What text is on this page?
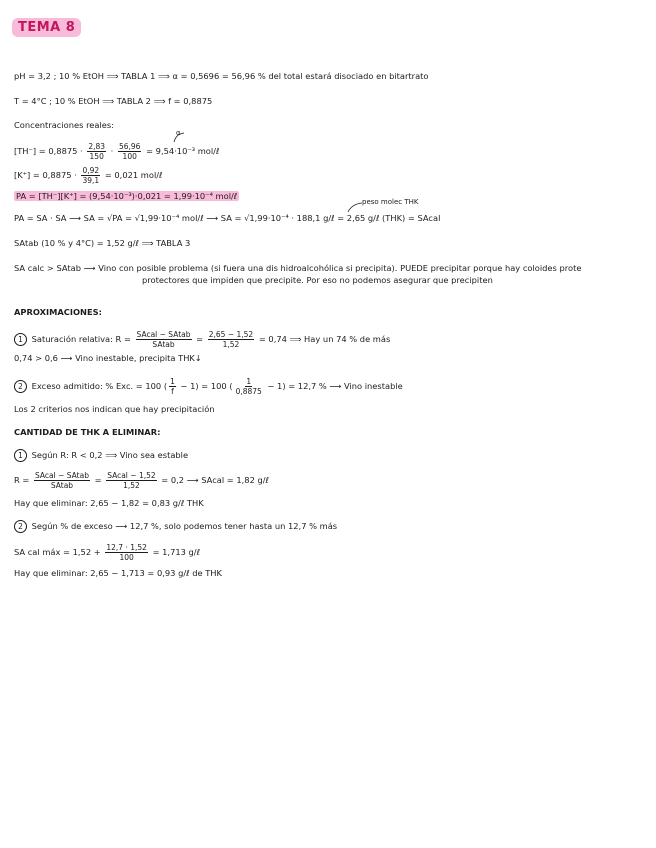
TEMA 8
pH = 3,2 ; 10 % EtOH ⟹ TABLA 1 ⟹ α = 0,5696 = 56,96 % del total estará disociado en bitartrato
T = 4°C ; 10 % EtOH ⟹ TABLA 2 ⟹ f = 0,8875
Concentraciones reales:
α
$[TH^-] = 0,8875 \cdot \frac{2,83}{150} \cdot \frac{56,96}{100} = 9,54\cdot 10^{-3}$ mol/ℓ
$[K^+] = 0,8875 \cdot \frac{0,92}{39,1} = 0,021$ mol/ℓ
PA = [TH⁻][K⁺] = (9,54·10⁻³)·0,021 = 1,99·10⁻⁴ mol/ℓ
peso molec THK
PA = SA · SA ⟶ SA = √PA = √1,99·10⁻⁴ mol/ℓ ⟶ SA = √1,99·10⁻⁴ · 188,1 g/ℓ = 2,65 g/ℓ (THK) = SAcal
SAtab (10 % y 4°C) = 1,52 g/ℓ ⟹ TABLA 3
SA calc > SAtab ⟶ Vino con posible problema (si fuera una dis hidroalcohólica si precipita). PUEDE precipitar porque hay coloides prote
protectores que impiden que precipite. Por eso no podemos asegurar que precipiten
APROXIMACIONES:
1 Saturación relativa: $R = \frac{\text{SAcal − SAtab}}{\text{SAtab}} = \frac{2,65 - 1,52}{1,52} = 0,74$ ⟹ Hay un 74 % de más
0,74 > 0,6 ⟶ Vino inestable, precipita THK↓
2 Exceso admitido: % Exc. = 100 ( $\frac{1}{f} - 1) = 100$ ( $\frac{1}{0,8875} - 1) = 12,7$ % ⟶ Vino inestable
Los 2 criterios nos indican que hay precipitación
CANTIDAD DE THK A ELIMINAR:
1 Según R: R < 0,2 ⟹ Vino sea estable
$R = \frac{\text{SAcal − SAtab}}{\text{SAtab}} = \frac{\text{SAcal − 1,52}}{1,52} = 0,2$ ⟶ SAcal = 1,82 g/ℓ
Hay que eliminar: 2,65 − 1,82 = 0,83 g/ℓ THK
2 Según % de exceso ⟶ 12,7 %, solo podemos tener hasta un 12,7 % más
SA cal máx = $1,52 + \frac{12,7 \cdot 1,52}{100} = 1,713$ g/ℓ
Hay que eliminar: 2,65 − 1,713 = 0,93 g/ℓ de THK
